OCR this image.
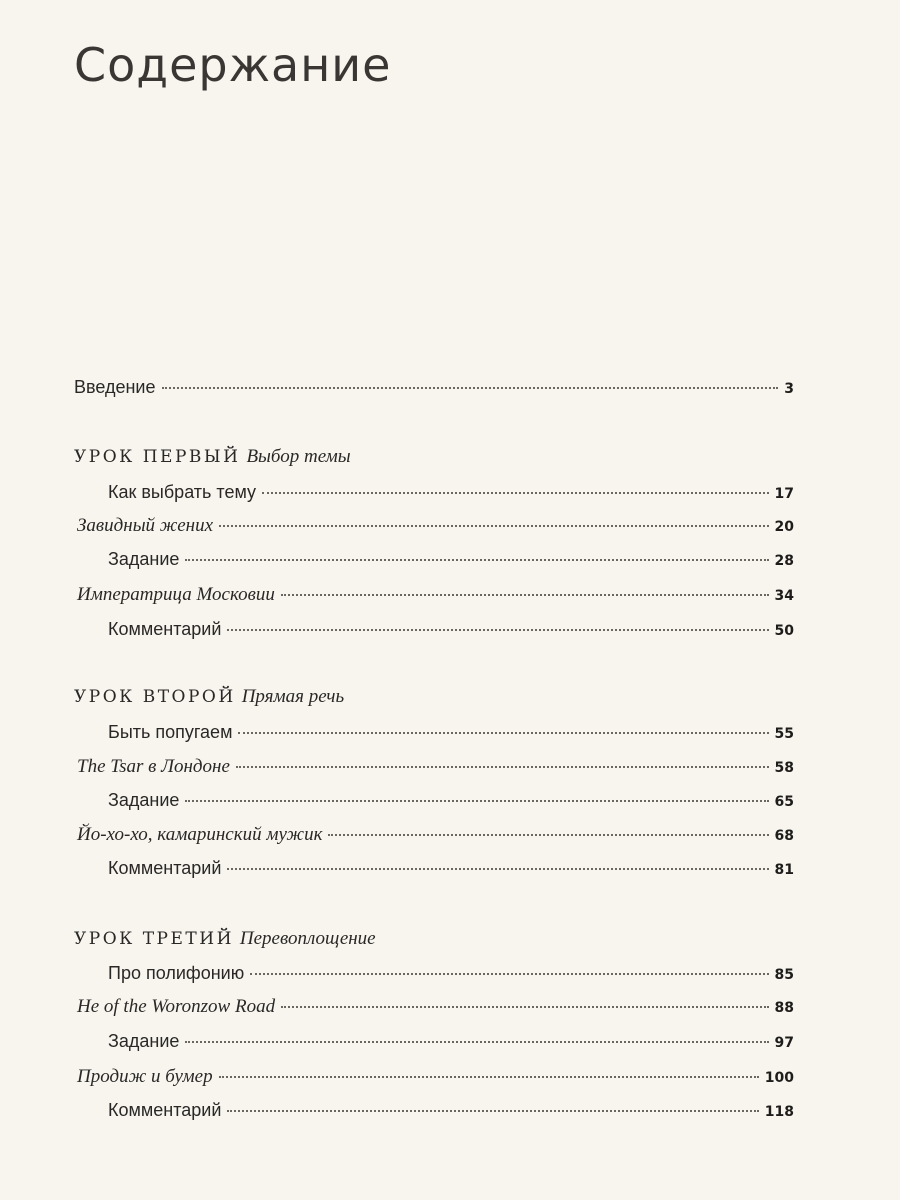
Содержание
Введение	3
УРОК ПЕРВЫЙ Выбор темы
Как выбрать тему	17
Завидный жених	20
Задание	28
Императрица Московии	34
Комментарий	50
УРОК ВТОРОЙ Прямая речь
Быть попугаем	55
The Tsar в Лондоне	58
Задание	65
Йо-хо-хо, камаринский мужик	68
Комментарий	81
УРОК ТРЕТИЙ Перевоплощение
Про полифонию	85
He of the Woronzow Road	88
Задание	97
Продиж и бумер	100
Комментарий	118
